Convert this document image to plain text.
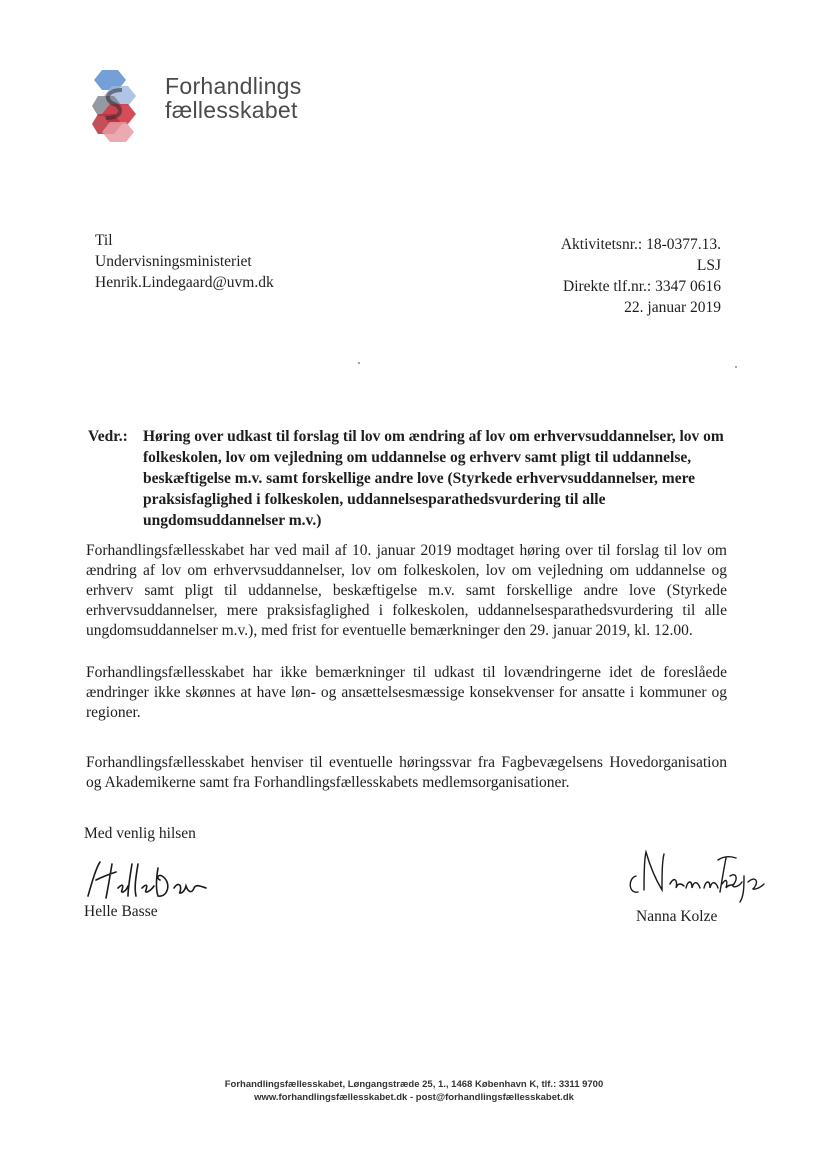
Forhandlings
fællesskabet
Til
Undervisningsministeriet
Henrik.Lindegaard@uvm.dk
Aktivitetsnr.: 18-0377.13.
LSJ
Direkte tlf.nr.: 3347 0616
22. januar 2019
Vedr.: Høring over udkast til forslag til lov om ændring af lov om erhvervsuddannelser, lov om folkeskolen, lov om vejledning om uddannelse og erhverv samt pligt til uddannelse, beskæftigelse m.v. samt forskellige andre love (Styrkede erhvervsuddannelser, mere praksisfaglighed i folkeskolen, uddannelsesparathedsvurdering til alle ungdomsuddannelser m.v.)
Forhandlingsfællesskabet har ved mail af 10. januar 2019 modtaget høring over til forslag til lov om ændring af lov om erhvervsuddannelser, lov om folkeskolen, lov om vejledning om uddannelse og erhverv samt pligt til uddannelse, beskæftigelse m.v. samt forskellige andre love (Styrkede erhvervsuddannelser, mere praksisfaglighed i folkeskolen, uddannelsesparathedsvurdering til alle ungdomsuddannelser m.v.), med frist for eventuelle bemærkninger den 29. januar 2019, kl. 12.00.
Forhandlingsfællesskabet har ikke bemærkninger til udkast til lovændringerne idet de foreslåede ændringer ikke skønnes at have løn- og ansættelsesmæssige konsekvenser for ansatte i kommuner og regioner.
Forhandlingsfællesskabet henviser til eventuelle høringssvar fra Fagbevægelsens Hovedorganisation og Akademikerne samt fra Forhandlingsfællesskabets medlemsorganisationer.
Med venlig hilsen
Helle Basse	Nanna Kolze
Forhandlingsfællesskabet, Løngangstræde 25, 1., 1468 København K, tlf.: 3311 9700
www.forhandlingsfællesskabet.dk - post@forhandlingsfællesskabet.dk
